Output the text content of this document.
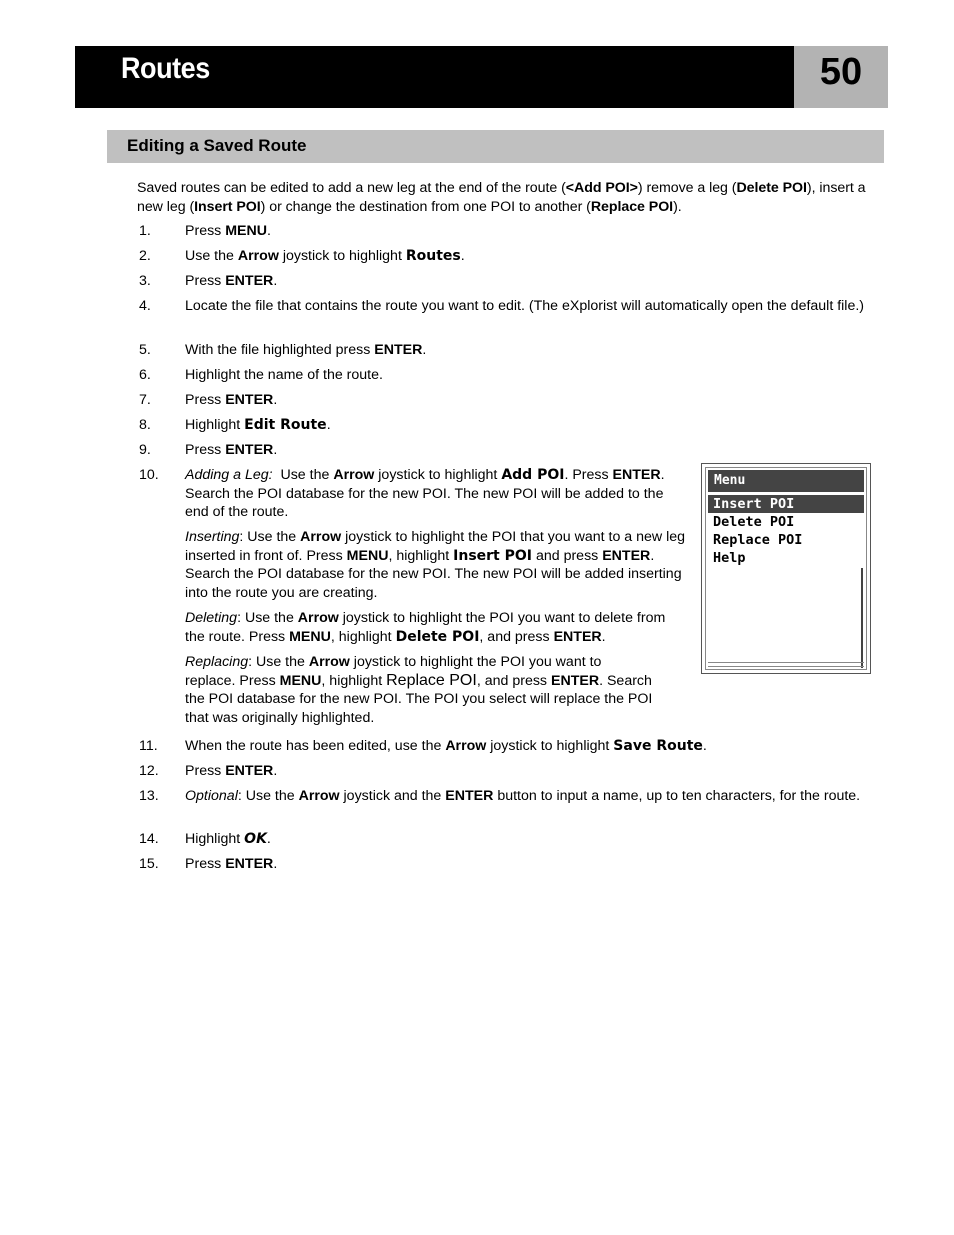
Routes	50
Editing a Saved Route
Saved routes can be edited to add a new leg at the end of the route (<Add POI>) remove a leg (Delete POI), insert a new leg (Insert POI) or change the destination from one POI to another (Replace POI).
1. Press MENU.
2. Use the Arrow joystick to highlight Routes.
3. Press ENTER.
4. Locate the file that contains the route you want to edit. (The eXplorist will automatically open the default file.)
5. With the file highlighted press ENTER.
6. Highlight the name of the route.
7. Press ENTER.
8. Highlight Edit Route.
9. Press ENTER.
10. Adding a Leg: Use the Arrow joystick to highlight Add POI. Press ENTER. Search the POI database for the new POI. The new POI will be added to the end of the route.
Inserting: Use the Arrow joystick to highlight the POI that you want to a new leg inserted in front of. Press MENU, highlight Insert POI and press ENTER. Search the POI database for the new POI. The new POI will be added inserting into the route you are creating.
Deleting: Use the Arrow joystick to highlight the POI you want to delete from the route. Press MENU, highlight Delete POI, and press ENTER.
Replacing: Use the Arrow joystick to highlight the POI you want to replace. Press MENU, highlight Replace POI, and press ENTER. Search the POI database for the new POI. The POI you select will replace the POI that was originally highlighted.
11. When the route has been edited, use the Arrow joystick to highlight Save Route.
12. Press ENTER.
13. Optional: Use the Arrow joystick and the ENTER button to input a name, up to ten characters, for the route.
14. Highlight OK.
15. Press ENTER.
Menu
Insert POI
Delete POI
Replace POI
Help
